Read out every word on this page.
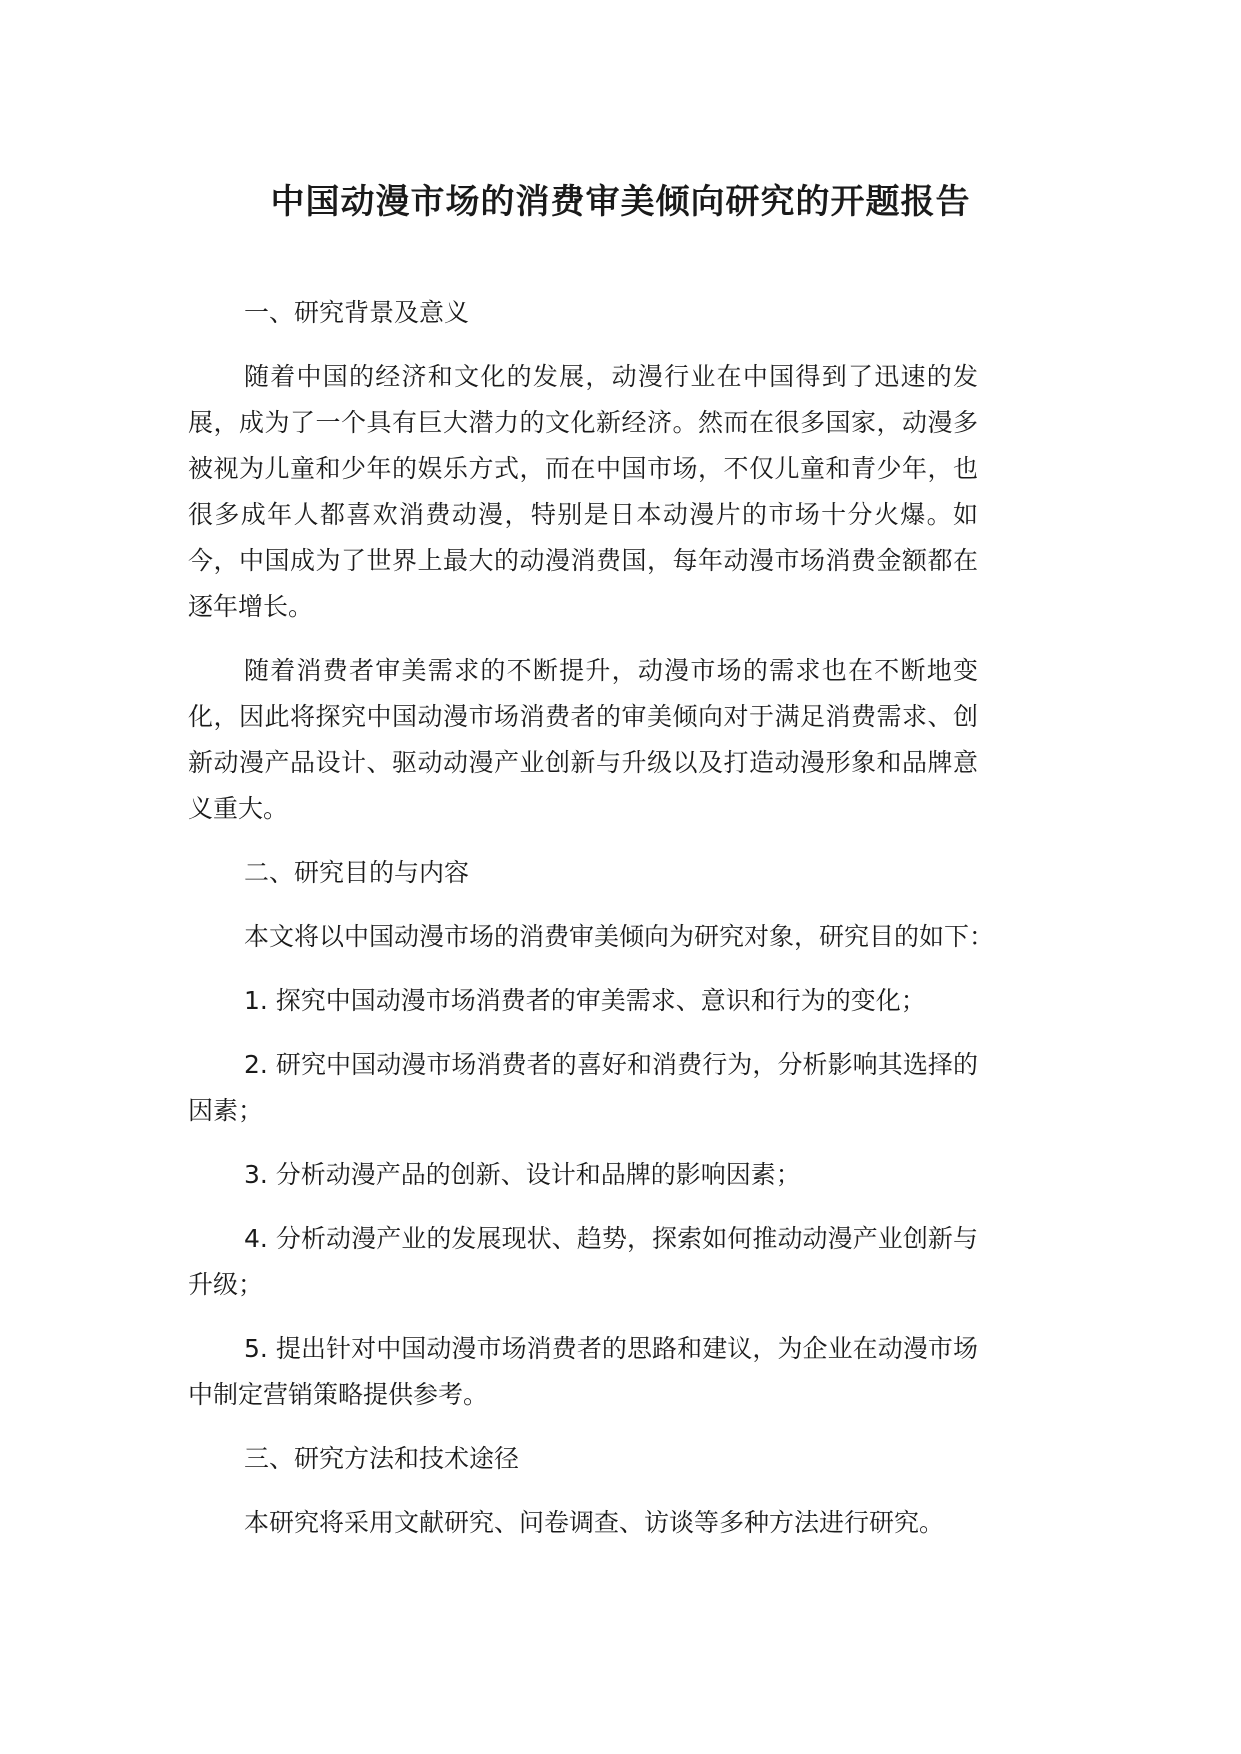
中国动漫市场的消费审美倾向研究的开题报告

一、研究背景及意义

随着中国的经济和文化的发展，动漫行业在中国得到了迅速的发展，成为了一个具有巨大潜力的文化新经济。然而在很多国家，动漫多被视为儿童和少年的娱乐方式，而在中国市场，不仅儿童和青少年，也很多成年人都喜欢消费动漫，特别是日本动漫片的市场十分火爆。如今，中国成为了世界上最大的动漫消费国，每年动漫市场消费金额都在逐年增长。

随着消费者审美需求的不断提升，动漫市场的需求也在不断地变化，因此将探究中国动漫市场消费者的审美倾向对于满足消费需求、创新动漫产品设计、驱动动漫产业创新与升级以及打造动漫形象和品牌意义重大。

二、研究目的与内容

本文将以中国动漫市场的消费审美倾向为研究对象，研究目的如下：

1. 探究中国动漫市场消费者的审美需求、意识和行为的变化；

2. 研究中国动漫市场消费者的喜好和消费行为，分析影响其选择的因素；

3. 分析动漫产品的创新、设计和品牌的影响因素；

4. 分析动漫产业的发展现状、趋势，探索如何推动动漫产业创新与升级；

5. 提出针对中国动漫市场消费者的思路和建议，为企业在动漫市场中制定营销策略提供参考。

三、研究方法和技术途径

本研究将采用文献研究、问卷调查、访谈等多种方法进行研究。
